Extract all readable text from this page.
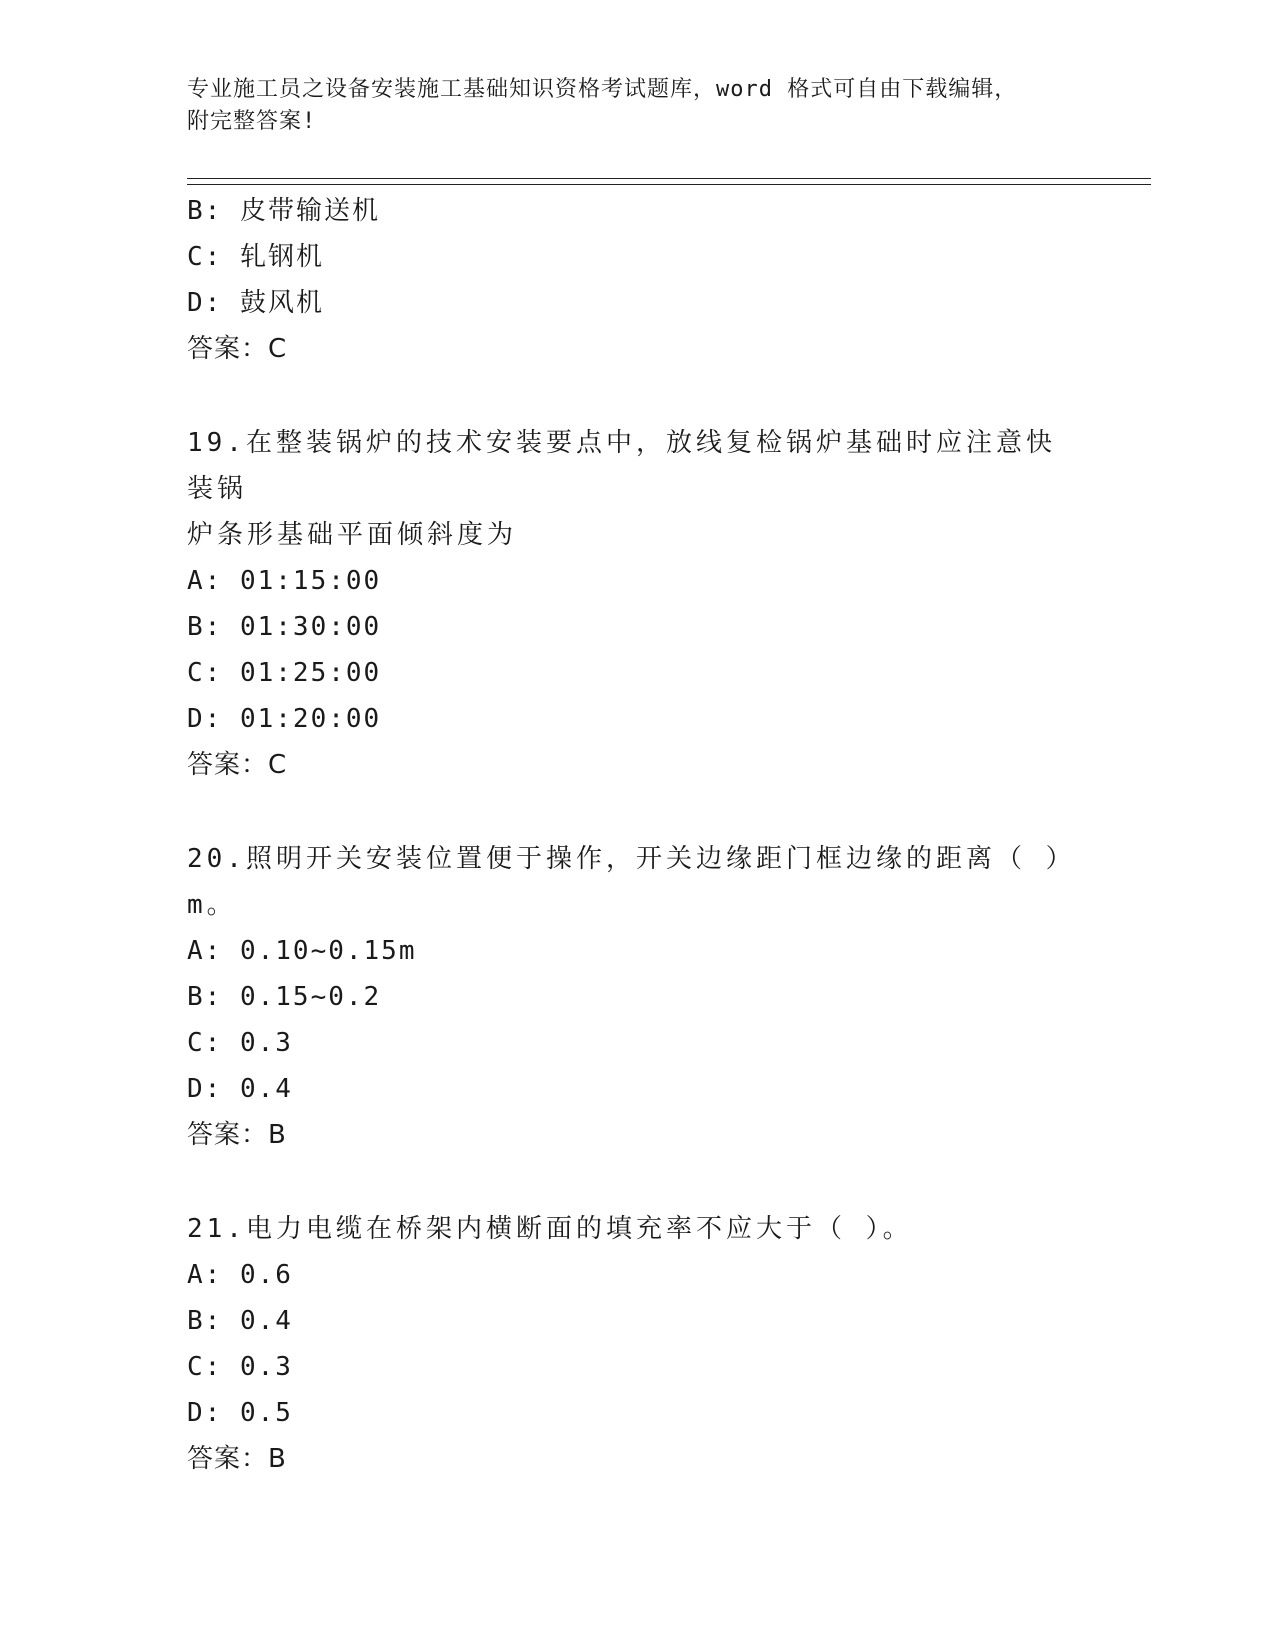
专业施工员之设备安装施工基础知识资格考试题库，word 格式可自由下载编辑，
附完整答案!
B: 皮带输送机
C: 轧钢机
D: 鼓风机
答案：C
19.在整装锅炉的技术安装要点中，放线复检锅炉基础时应注意快装锅
炉条形基础平面倾斜度为
A: 01:15:00
B: 01:30:00
C: 01:25:00
D: 01:20:00
答案：C
20.照明开关安装位置便于操作，开关边缘距门框边缘的距离（ ）m。
A: 0.10~0.15m
B: 0.15~0.2
C: 0.3
D: 0.4
答案：B
21.电力电缆在桥架内横断面的填充率不应大于（ ）。
A: 0.6
B: 0.4
C: 0.3
D: 0.5
答案：B
